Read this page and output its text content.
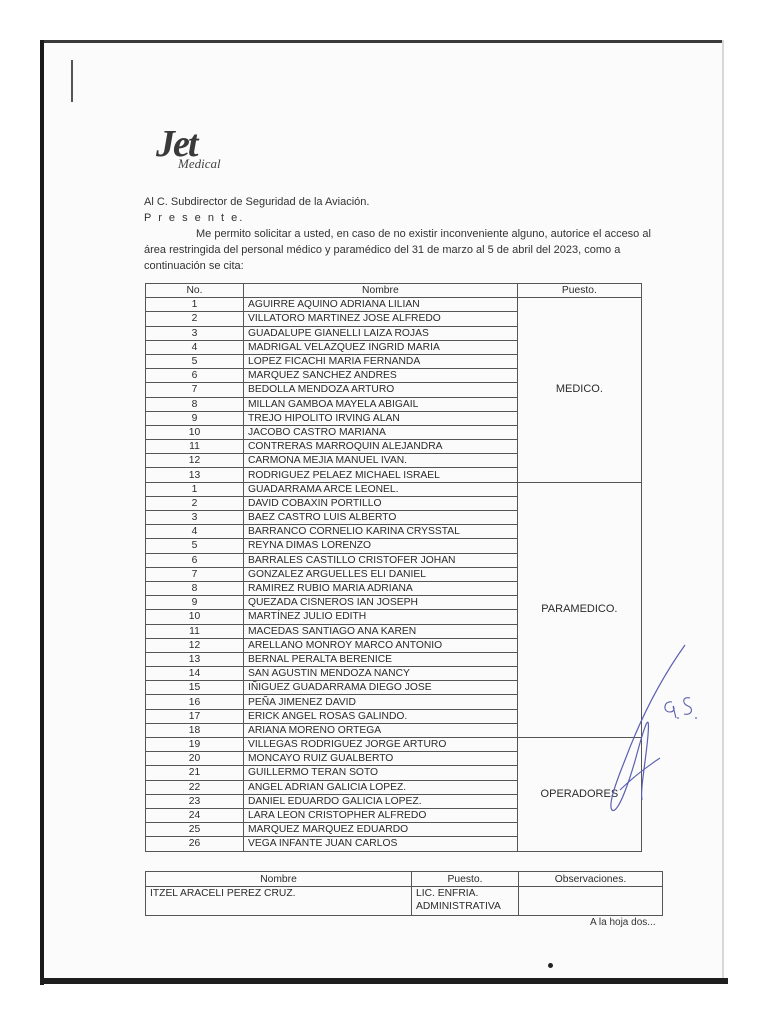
Jet
Medical

Al C. Subdirector de Seguridad de la Aviación.

P r e s e n t e.

Me permito solicitar a usted, en caso de no existir inconveniente alguno, autorice el acceso al área restringida del personal médico y paramédico del 31 de marzo al 5 de abril del 2023, como a continuación se cita:

No.	Nombre	Puesto.
1	AGUIRRE AQUINO ADRIANA LILIAN	MEDICO.
2	VILLATORO MARTINEZ JOSE ALFREDO	
3	GUADALUPE GIANELLI LAIZA ROJAS	
4	MADRIGAL VELAZQUEZ INGRID MARIA	
5	LOPEZ FICACHI MARIA FERNANDA	
6	MARQUEZ SANCHEZ ANDRES	
7	BEDOLLA MENDOZA ARTURO	
8	MILLAN GAMBOA MAYELA ABIGAIL	
9	TREJO HIPOLITO IRVING ALAN	
10	JACOBO CASTRO MARIANA	
11	CONTRERAS MARROQUIN ALEJANDRA	
12	CARMONA MEJIA MANUEL IVAN.	
13	RODRIGUEZ PELAEZ MICHAEL ISRAEL	
1	GUADARRAMA ARCE LEONEL.	PARAMEDICO.
2	DAVID COBAXIN PORTILLO	
3	BAEZ CASTRO LUIS ALBERTO	
4	BARRANCO CORNELIO KARINA CRYSSTAL	
5	REYNA DIMAS LORENZO	
6	BARRALES CASTILLO CRISTOFER JOHAN	
7	GONZALEZ ARGUELLES ELI DANIEL	
8	RAMIREZ RUBIO MARIA ADRIANA	
9	QUEZADA CISNEROS IAN JOSEPH	
10	MARTÍNEZ JULIO EDITH	
11	MACEDAS SANTIAGO ANA KAREN	
12	ARELLANO MONROY MARCO ANTONIO	
13	BERNAL PERALTA BERENICE	
14	SAN AGUSTIN MENDOZA NANCY	
15	IÑIGUEZ GUADARRAMA DIEGO JOSE	
16	PEÑA JIMENEZ DAVID	
17	ERICK ANGEL ROSAS GALINDO.	
18	ARIANA MORENO ORTEGA	
19	VILLEGAS RODRIGUEZ JORGE ARTURO	OPERADORES
20	MONCAYO RUIZ GUALBERTO	
21	GUILLERMO TERAN SOTO	
22	ANGEL ADRIAN GALICIA LOPEZ.	
23	DANIEL EDUARDO GALICIA LOPEZ.	
24	LARA LEON CRISTOPHER ALFREDO	
25	MARQUEZ MARQUEZ EDUARDO	
26	VEGA INFANTE JUAN CARLOS	
Nombre	Puesto.	Observaciones.
ITZEL ARACELI PEREZ CRUZ.	LIC. ENFRIA. ADMINISTRATIVA	
A la hoja dos...
